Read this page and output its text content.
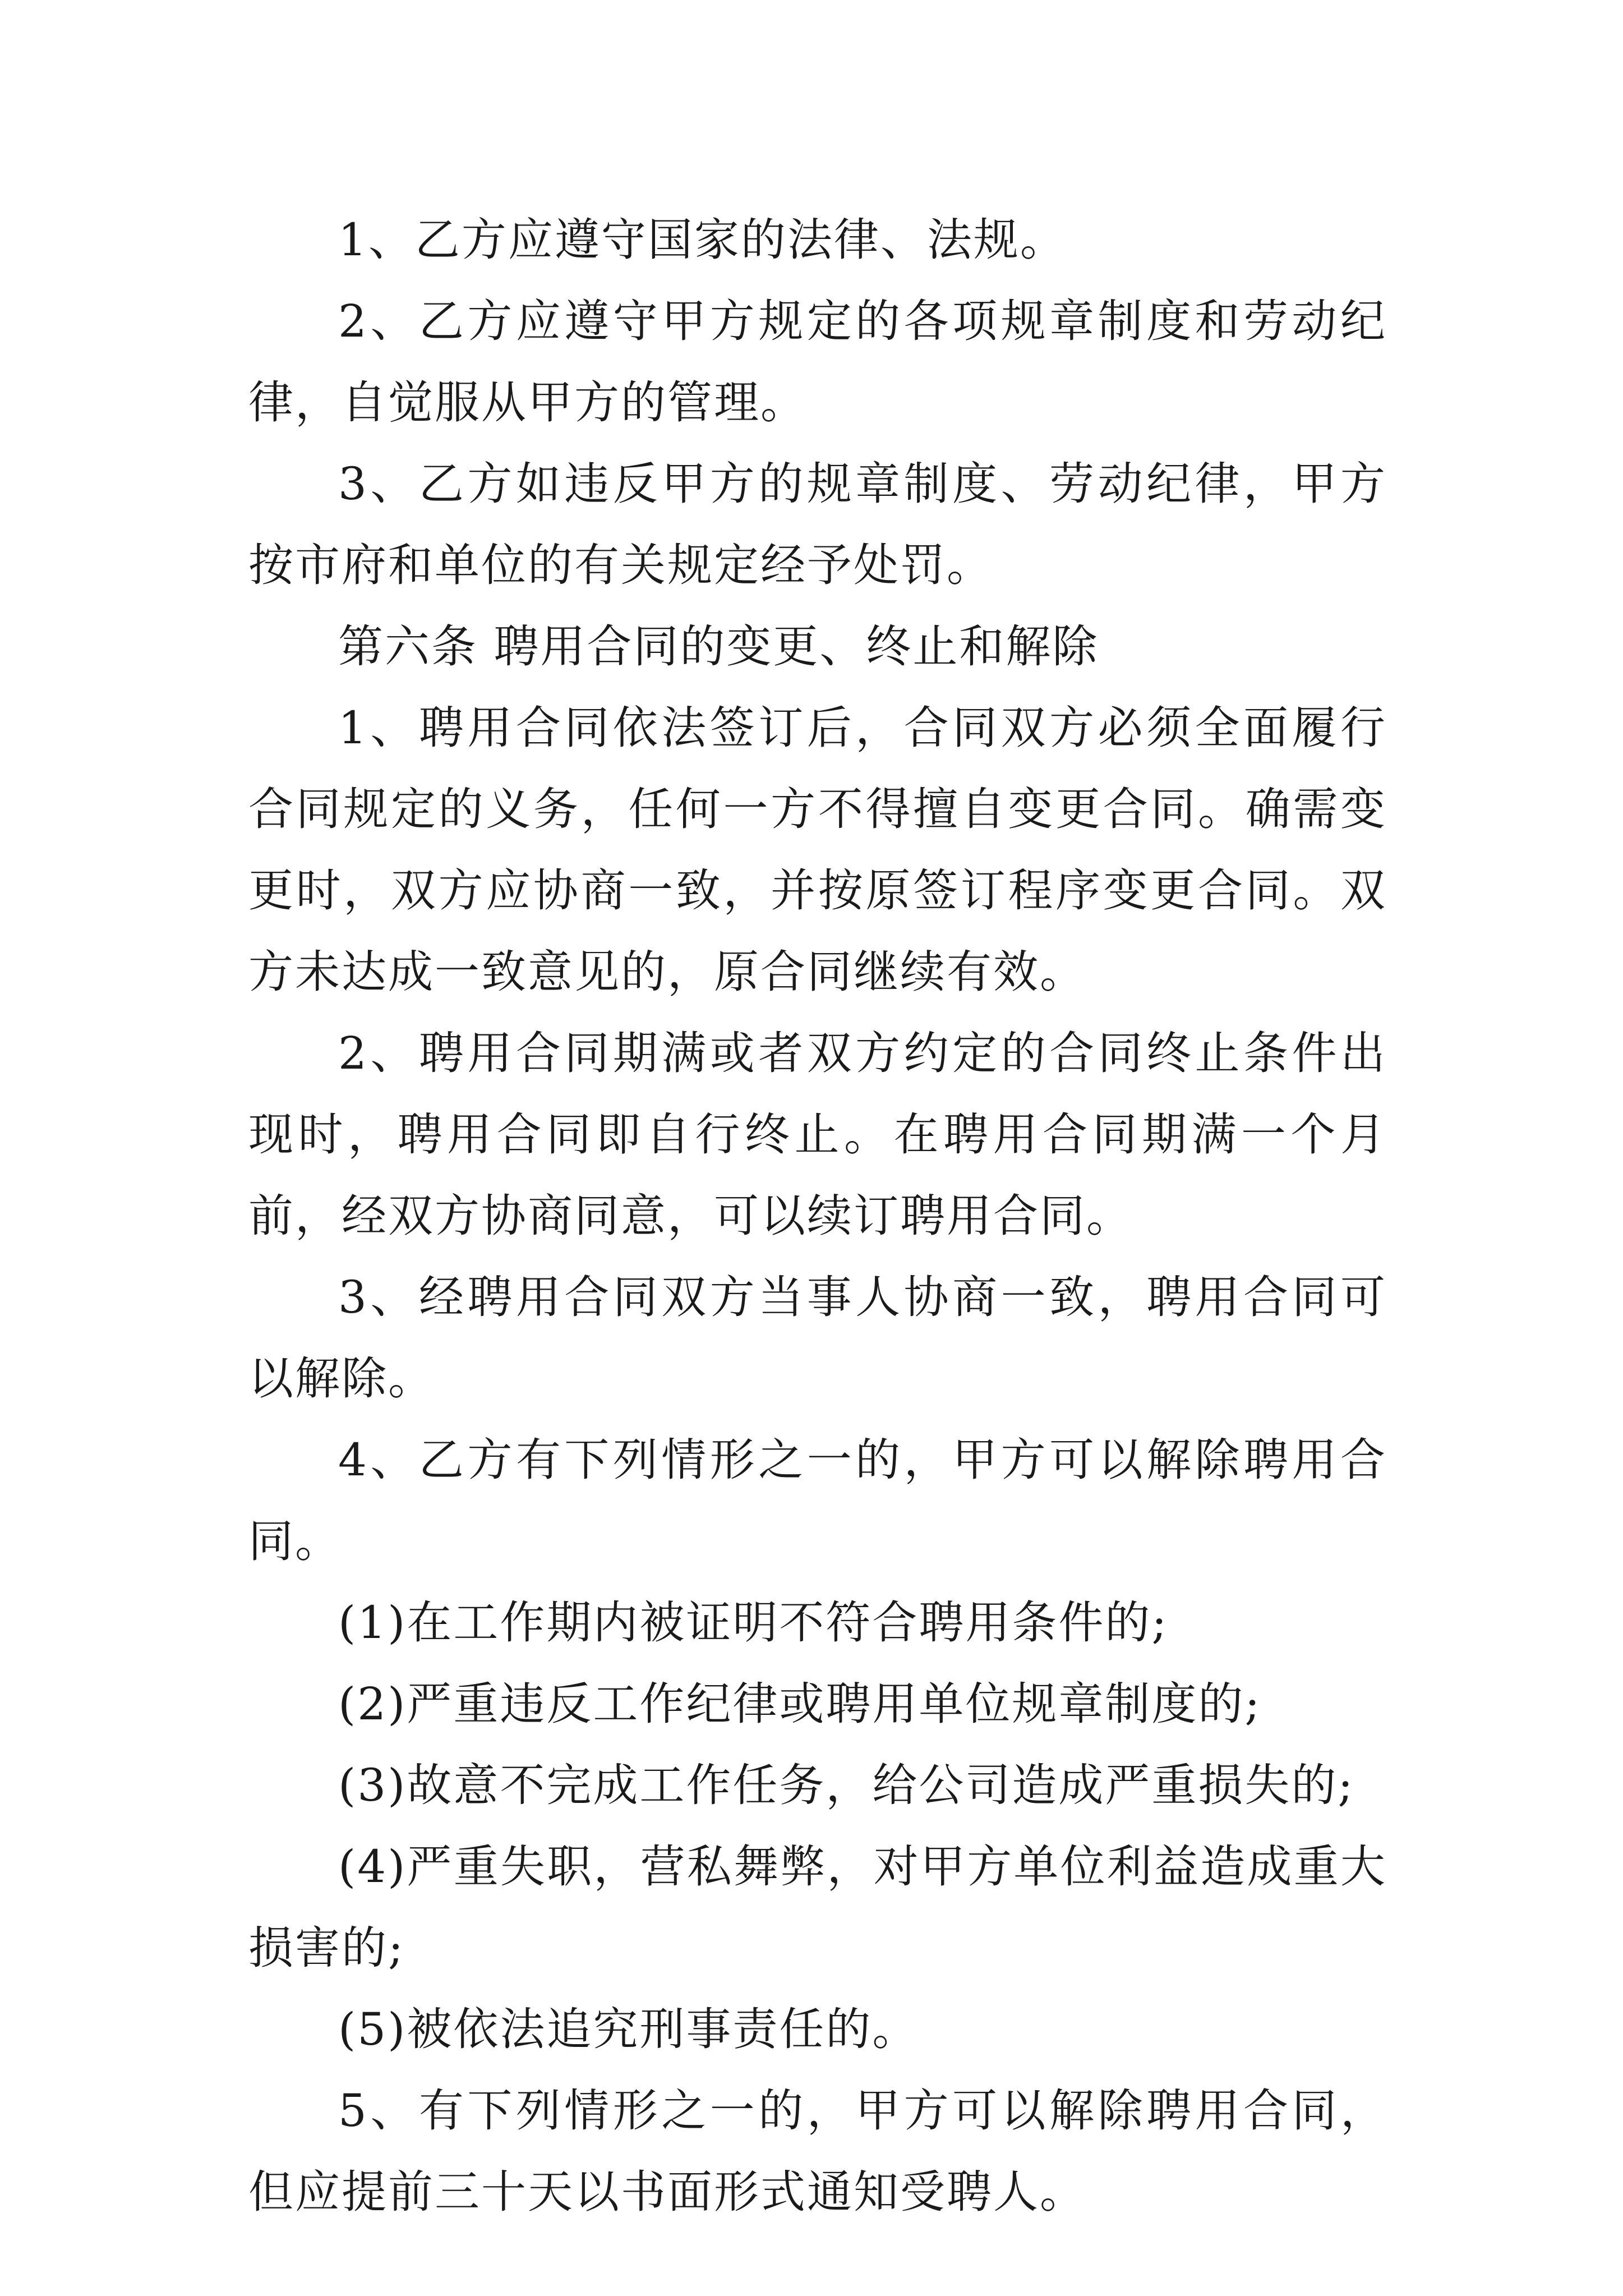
1、乙方应遵守国家的法律、法规。

2、乙方应遵守甲方规定的各项规章制度和劳动纪律，自觉服从甲方的管理。

3、乙方如违反甲方的规章制度、劳动纪律，甲方按市府和单位的有关规定经予处罚。

第六条 聘用合同的变更、终止和解除

1、聘用合同依法签订后，合同双方必须全面履行合同规定的义务，任何一方不得擅自变更合同。确需变更时，双方应协商一致，并按原签订程序变更合同。双方未达成一致意见的，原合同继续有效。

2、聘用合同期满或者双方约定的合同终止条件出现时，聘用合同即自行终止。在聘用合同期满一个月前，经双方协商同意，可以续订聘用合同。

3、经聘用合同双方当事人协商一致，聘用合同可以解除。

4、乙方有下列情形之一的，甲方可以解除聘用合同。

(1)在工作期内被证明不符合聘用条件的;

(2)严重违反工作纪律或聘用单位规章制度的;

(3)故意不完成工作任务，给公司造成严重损失的;

(4)严重失职，营私舞弊，对甲方单位利益造成重大损害的;

(5)被依法追究刑事责任的。

5、有下列情形之一的，甲方可以解除聘用合同，但应提前三十天以书面形式通知受聘人。
